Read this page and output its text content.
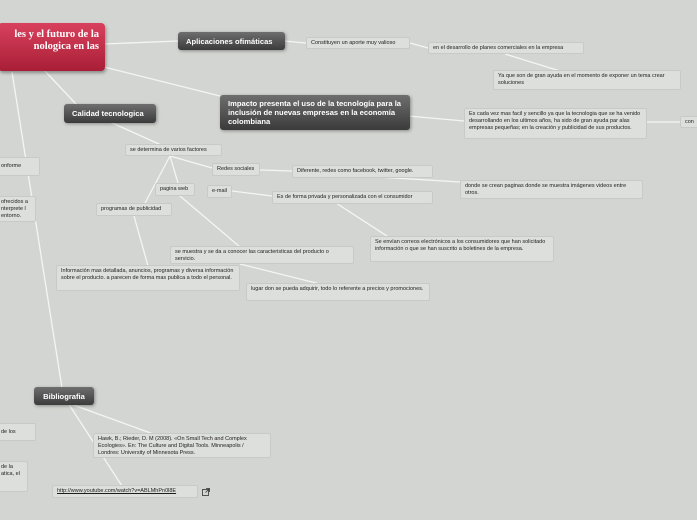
les y el futuro de la nologica en las	Aplicaciones ofimáticas
Impacto presenta el uso de la tecnología para la inclusión de nuevas empresas en la economía colombiana
Calidad tecnologica
Bibliografia
Constituyen un aporte muy valioso
en el desarrollo de planes comerciales en la empresa
Ya que son de gran ayuda en el momento de exponer un tema crear soluciones
Es cada vez mas facil y sencillo ya que la tecnologia que se ha venido desarrollando en los ultimos años, ha sido de gran ayuda par alas empresas pequeñas; en la creación y publicidad de sus productos.
con
se determina de varios factores
onforme
ofrecidos a nterprete l entorno.
Redes sociales	Diferente, redes como facebook, twitter, google.
donde se crean paginas donde se muestra imágenes videos entre otros.
pagina web	e-mail
Es de forma privada y personalizada con el consumidor
programas de publicidad
Se envían correos electrónicos a los consumidores que han solicitado información o que se han suscrito a boletines de la empresa.
se muestra y se da a conocer las caracteristicas del producto o servicio.
Información mas detallada, anuncios, programas y diversa información sobre el producto. a parecen de forma mas publica a todo el personal.
lugar don se pueda adquirir, todo lo referente a precios y promociones.
de los
de la atica, el
Hawk, B.; Rieder, D. M (2008). «On Small Tech and Complex Ecologies». En: The Culture and Digital Tools. Minneapolis / Londres: University of Minnesota Press.
http://www.youtube.com/watch?v=ABLMhPn0l8E
